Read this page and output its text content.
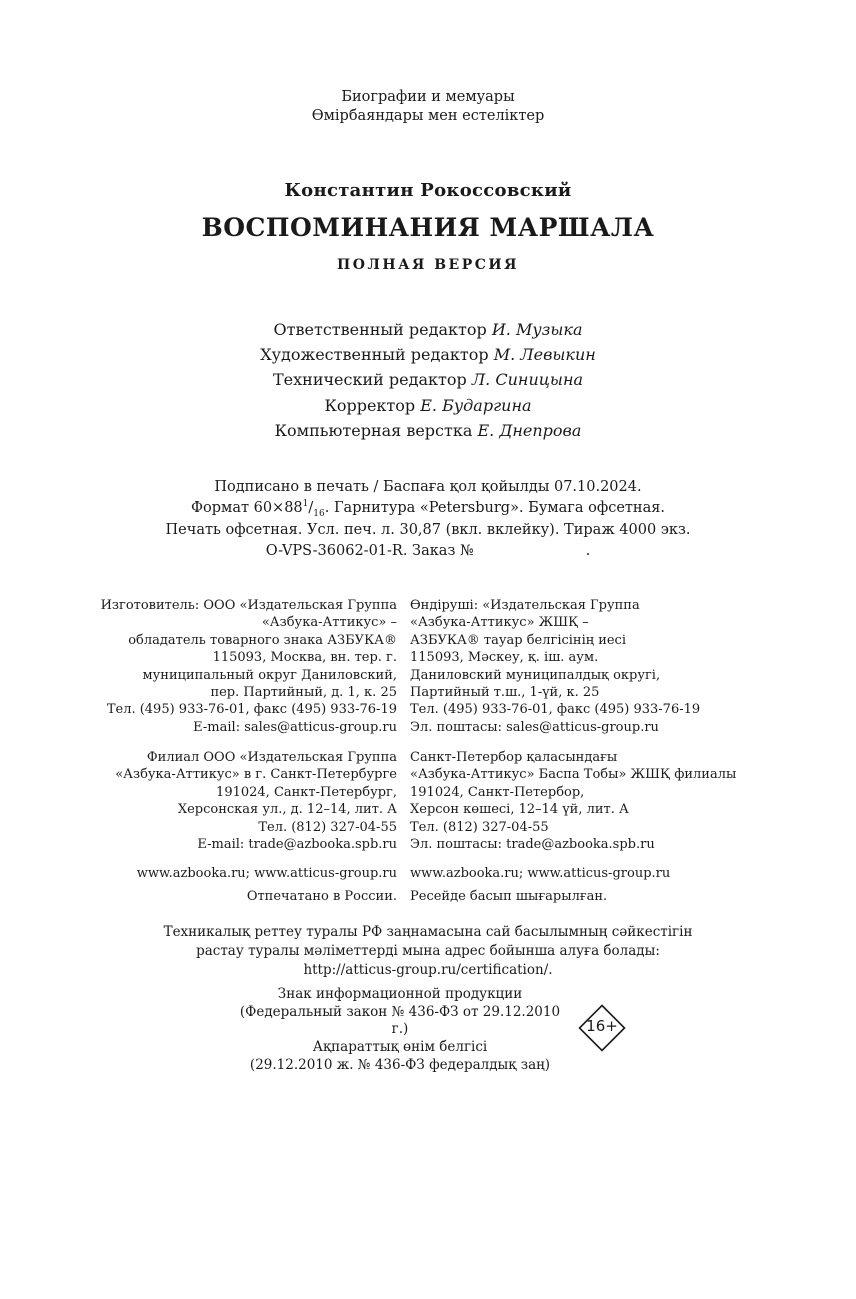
Биографии и мемуары
Өмірбаяндары мен естеліктер
Константин Рокоссовский
ВОСПОМИНАНИЯ МАРШАЛА
ПОЛНАЯ ВЕРСИЯ
Ответственный редактор И. Музыка
Художественный редактор М. Левыкин
Технический редактор Л. Синицына
Корректор Е. Бударгина
Компьютерная верстка Е. Днепрова
Подписано в печать / Баспаға қол қойылды 07.10.2024.
Формат $60\times 88^1/_{16}$. Гарнитура «Petersburg». Бумага офсетная.
Печать офсетная. Усл. печ. л. 30,87 (вкл. вклейку). Тираж 4000 экз.
O-VPS-36062-01-R. Заказ №	.
Изготовитель: ООО «Издательская Группа
«Азбука-Аттикус» –
обладатель товарного знака АЗБУКА®
115093, Москва, вн. тер. г.
муниципальный округ Даниловский,
пер. Партийный, д. 1, к. 25
Тел. (495) 933-76-01, факс (495) 933-76-19
E-mail: sales@atticus-group.ru
Өндіруші: «Издательская Группа
«Азбука-Аттикус» ЖШҚ –
АЗБУКА® тауар белгісінің иесі
115093, Мәскеу, қ. іш. аум.
Даниловский муниципалдық округі,
Партийный т.ш., 1-үй, к. 25
Тел. (495) 933-76-01, факс (495) 933-76-19
Эл. поштасы: sales@atticus-group.ru
Филиал ООО «Издательская Группа
«Азбука-Аттикус» в г. Санкт-Петербурге
191024, Санкт-Петербург,
Херсонская ул., д. 12–14, лит. А
Тел. (812) 327-04-55
E-mail: trade@azbooka.spb.ru
Санкт-Петербор қаласындағы
«Азбука-Аттикус» Баспа Тобы» ЖШҚ филиалы
191024, Санкт-Петербор,
Херсон көшесі, 12–14 үй, лит. А
Тел. (812) 327-04-55
Эл. поштасы: trade@azbooka.spb.ru
www.azbooka.ru; www.atticus-group.ru
Отпечатано в России.
www.azbooka.ru; www.atticus-group.ru
Ресейде басып шығарылған.
Техникалық реттеу туралы РФ заңнамасына сай басылымның сәйкестігін
растау туралы мәліметтерді мына адрес бойынша алуға болады:
http://atticus-group.ru/certification/.
Знак информационной продукции
(Федеральный закон № 436-ФЗ от 29.12.2010 г.)
Ақпараттық өнім белгісі
(29.12.2010 ж. № 436-ФЗ федералдық заң)
16+
